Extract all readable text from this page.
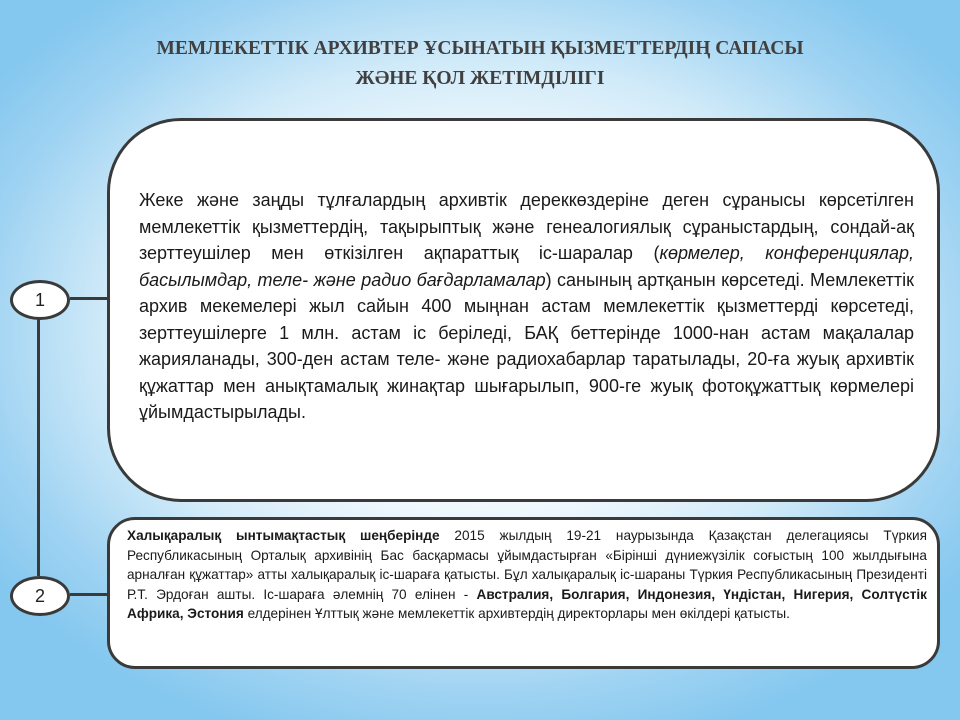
МЕМЛЕКЕТТІК АРХИВТЕР ҰСЫНАТЫН ҚЫЗМЕТТЕРДІҢ САПАСЫ
ЖӘНЕ ҚОЛ ЖЕТІМДІЛІГІ
1
2
Жеке және заңды тұлғалардың архивтік дереккөздеріне деген сұранысы көрсетілген мемлекеттік қызметтердің, тақырыптық және генеалогиялық сұраныстардың, сондай-ақ зерттеушілер мен өткізілген ақпараттық іс-шаралар (көрмелер, конференциялар, басылымдар, теле- және радио бағдарламалар) санының артқанын көрсетеді. Мемлекеттік архив мекемелері жыл сайын 400 мыңнан астам мемлекеттік қызметтерді көрсетеді, зерттеушілерге 1 млн. астам іс беріледі, БАҚ беттерінде 1000-нан астам мақалалар жарияланады, 300-ден астам теле- және радиохабарлар таратылады, 20-ға жуық архивтік құжаттар мен анықтамалық жинақтар шығарылып, 900-ге жуық фотоқұжаттық көрмелері ұйымдастырылады.
Халықаралық ынтымақтастық шеңберінде 2015 жылдың 19-21 наурызында Қазақстан делегациясы Түркия Республикасының Орталық архивінің Бас басқармасы ұйымдастырған «Бірінші дүниежүзілік соғыстың 100 жылдығына арналған құжаттар» атты халықаралық іс-шараға қатысты. Бұл халықаралық іс-шараны Түркия Республикасының Президенті Р.Т. Эрдоған ашты. Іс-шараға әлемнің 70 елінен - Австралия, Болгария, Индонезия, Үндістан, Нигерия, Солтүстік Африка, Эстония елдерінен Ұлттық және мемлекеттік архивтердің директорлары мен өкілдері қатысты.
